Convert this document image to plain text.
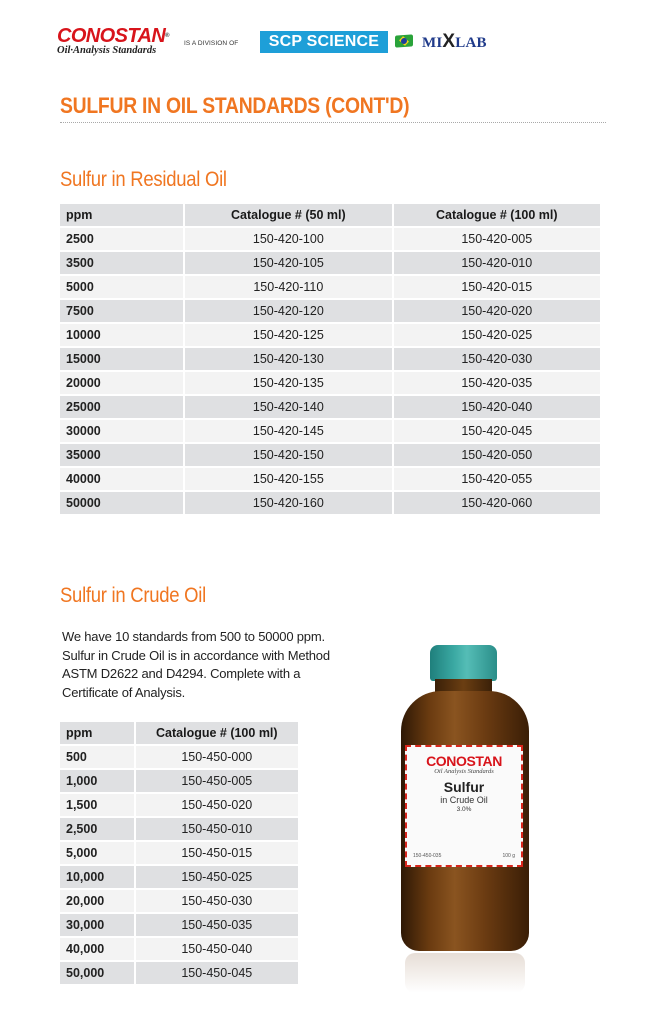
CONOSTAN®
Oil·Analysis Standards
IS A DIVISION OF	SCP SCIENCE	MIXLAB
SULFUR IN OIL STANDARDS (CONT'D)
Sulfur in Residual Oil
ppm	Catalogue # (50 ml)	Catalogue # (100 ml)
2500	150-420-100	150-420-005
3500	150-420-105	150-420-010
5000	150-420-110	150-420-015
7500	150-420-120	150-420-020
10000	150-420-125	150-420-025
15000	150-420-130	150-420-030
20000	150-420-135	150-420-035
25000	150-420-140	150-420-040
30000	150-420-145	150-420-045
35000	150-420-150	150-420-050
40000	150-420-155	150-420-055
50000	150-420-160	150-420-060
Sulfur in Crude Oil

We have 10 standards from 500 to 50000 ppm. Sulfur in Crude Oil is in accordance with Method ASTM D2622 and D4294. Complete with a Certificate of Analysis.

ppm	Catalogue # (100 ml)
500	150-450-000
1,000	150-450-005
1,500	150-450-020
2,500	150-450-010
5,000	150-450-015
10,000	150-450-025
20,000	150-450-030
30,000	150-450-035
40,000	150-450-040
50,000	150-450-045
CONOSTAN
Oil Analysis Standards
Sulfur
in Crude Oil
3.0%
150-450-035	100 g
